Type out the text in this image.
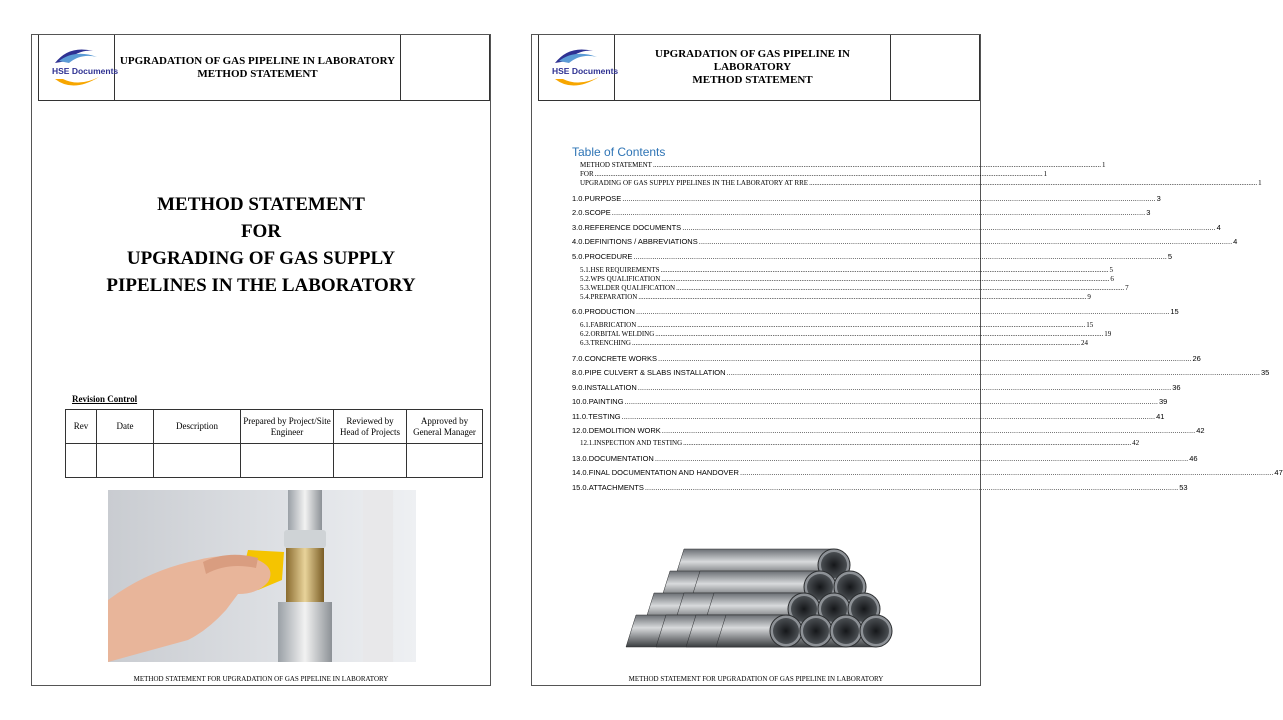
HSE Documents
UPGRADATION OF GAS PIPELINE IN LABORATORY
METHOD STATEMENT
METHOD STATEMENT
FOR
UPGRADING OF GAS SUPPLY
PIPELINES IN THE LABORATORY
Revision Control
Rev	Date	Description	Prepared by Project/Site Engineer	Reviewed by Head of Projects	Approved by General Manager

METHOD STATEMENT FOR UPGRADATION OF GAS PIPELINE IN LABORATORY
HSE Documents
UPGRADATION OF GAS PIPELINE IN LABORATORY
METHOD STATEMENT
Table of Contents
METHOD STATEMENT .....	1
FOR .....	1
UPGRADING OF GAS SUPPLY PIPELINES IN THE LABORATORY AT RRE .....	1
1.0. PURPOSE .....	3
2.0. SCOPE .....	3
3.0. REFERENCE DOCUMENTS .....	4
4.0. DEFINITIONS / ABBREVIATIONS .....	4
5.0. PROCEDURE .....	5
5.1. HSE REQUIREMENTS .....	5
5.2. WPS QUALIFICATION .....	6
5.3. WELDER QUALIFICATION .....	7
5.4. PREPARATION .....	9
6.0. PRODUCTION .....	15
6.1. FABRICATION .....	15
6.2. ORBITAL WELDING .....	19
6.3. TRENCHING .....	24
7.0. CONCRETE WORKS .....	26
8.0. PIPE CULVERT & SLABS INSTALLATION .....	35
9.0. INSTALLATION .....	36
10.0. PAINTING .....	39
11.0. TESTING .....	41
12.0. DEMOLITION WORK .....	42
12.1. INSPECTION AND TESTING .....	42
13.0. DOCUMENTATION .....	46
14.0. FINAL DOCUMENTATION AND HANDOVER .....	47
15.0. ATTACHMENTS .....	53
METHOD STATEMENT FOR UPGRADATION OF GAS PIPELINE IN LABORATORY
